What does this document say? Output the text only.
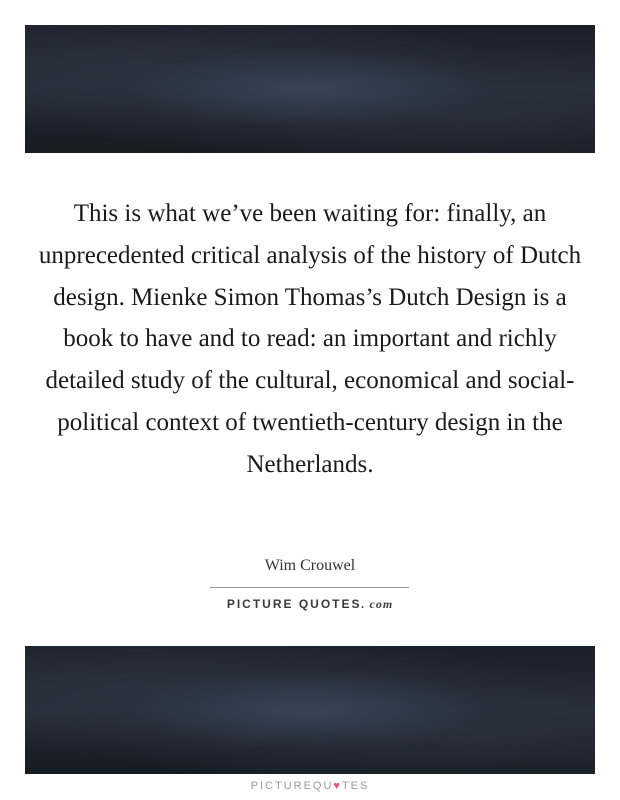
This is what we’ve been waiting for: finally, an unprecedented critical analysis of the history of Dutch design. Mienke Simon Thomas’s Dutch Design is a book to have and to read: an important and richly detailed study of the cultural, economical and social-political context of twentieth-century design in the Netherlands.

Wim Crouwel
PICTURE QUOTES. com
PICTUREQU♥TES
